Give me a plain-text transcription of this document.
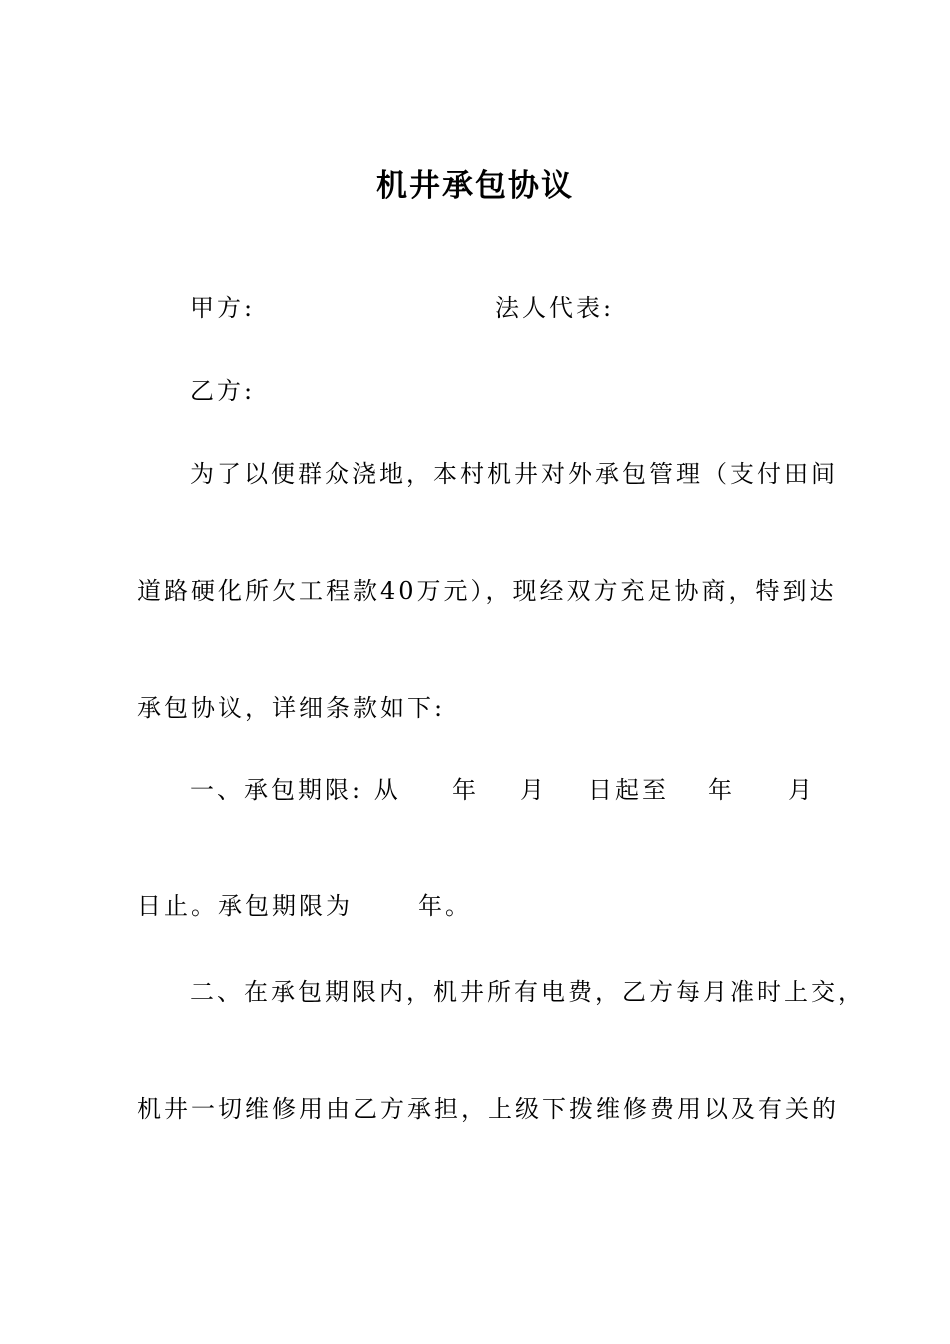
机井承包协议
甲方:	法人代表:
乙方:
为了以便群众浇地，本村机井对外承包管理（支付田间
道路硬化所欠工程款40万元），现经双方充足协商，特到达
承包协议，详细条款如下:
一、承包期限: 从 年 月 日起至 年 月
日止。承包期限为	年。
二、在承包期限内，机井所有电费，乙方每月准时上交，
机井一切维修用由乙方承担，上级下拨维修费用以及有关的
